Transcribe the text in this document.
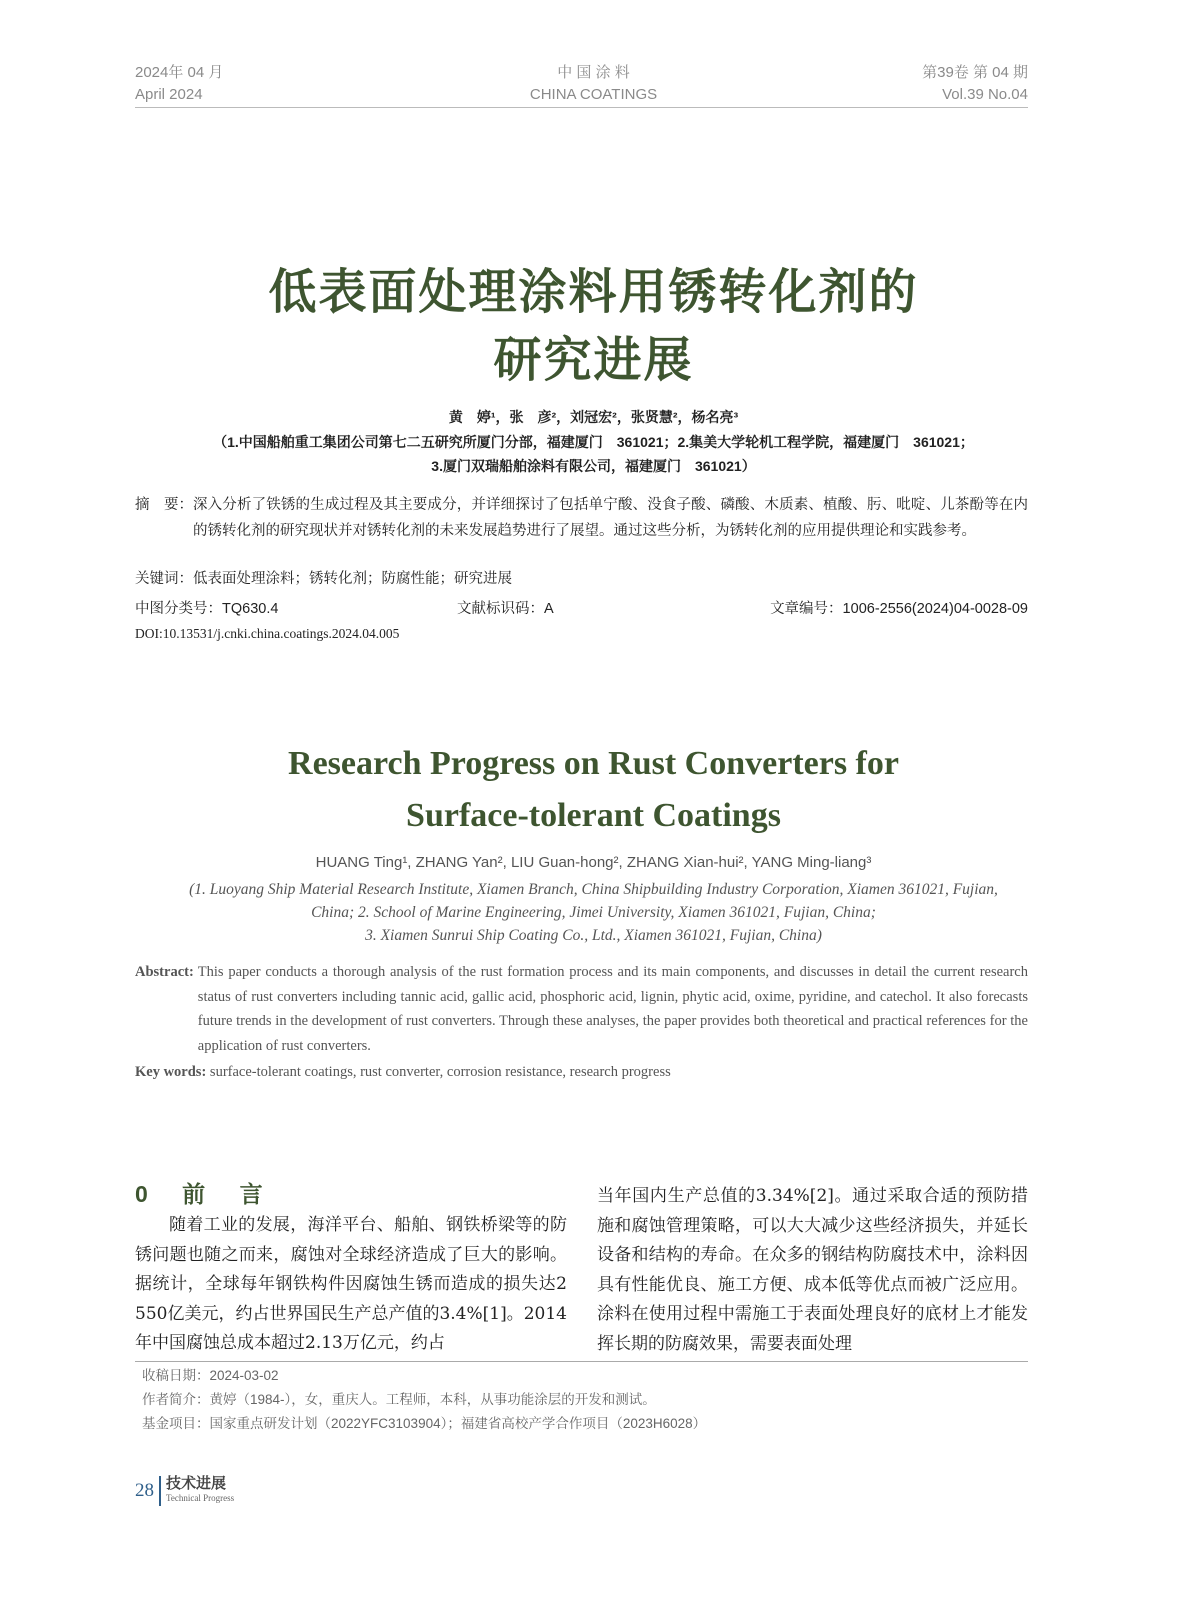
2024年 04 月
April 2024
中 国 涂 料
CHINA COATINGS
第39卷 第 04 期
Vol.39 No.04
低表面处理涂料用锈转化剂的
研究进展
黄　婷¹，张　彦²，刘冠宏²，张贤慧²，杨名亮³
（1.中国船舶重工集团公司第七二五研究所厦门分部，福建厦门　361021；2.集美大学轮机工程学院，福建厦门　361021；
3.厦门双瑞船舶涂料有限公司，福建厦门　361021）
摘　要： 深入分析了铁锈的生成过程及其主要成分，并详细探讨了包括单宁酸、没食子酸、磷酸、木质素、植酸、肟、吡啶、儿茶酚等在内的锈转化剂的研究现状并对锈转化剂的未来发展趋势进行了展望。通过这些分析，为锈转化剂的应用提供理论和实践参考。
关键词：低表面处理涂料；锈转化剂；防腐性能；研究进展
中图分类号：TQ630.4	文献标识码：A	文章编号：1006-2556(2024)04-0028-09
DOI:10.13531/j.cnki.china.coatings.2024.04.005
Research Progress on Rust Converters for
Surface-tolerant Coatings
HUANG Ting¹, ZHANG Yan², LIU Guan-hong², ZHANG Xian-hui², YANG Ming-liang³
(1. Luoyang Ship Material Research Institute, Xiamen Branch, China Shipbuilding Industry Corporation, Xiamen 361021, Fujian,
China; 2. School of Marine Engineering, Jimei University, Xiamen 361021, Fujian, China;
3. Xiamen Sunrui Ship Coating Co., Ltd., Xiamen 361021, Fujian, China)
Abstract: This paper conducts a thorough analysis of the rust formation process and its main components, and discusses in detail the current research status of rust converters including tannic acid, gallic acid, phosphoric acid, lignin, phytic acid, oxime, pyridine, and catechol. It also forecasts future trends in the development of rust converters. Through these analyses, the paper provides both theoretical and practical references for the application of rust converters.
Key words: surface-tolerant coatings, rust converter, corrosion resistance, research progress
0 前 言
随着工业的发展，海洋平台、船舶、钢铁桥梁等的防锈问题也随之而来，腐蚀对全球经济造成了巨大的影响。据统计，全球每年钢铁构件因腐蚀生锈而造成的损失达2 550亿美元，约占世界国民生产总产值的3.4%[1]。2014年中国腐蚀总成本超过2.13万亿元，约占
当年国内生产总值的3.34%[2]。通过采取合适的预防措施和腐蚀管理策略，可以大大减少这些经济损失，并延长设备和结构的寿命。在众多的钢结构防腐技术中，涂料因具有性能优良、施工方便、成本低等优点而被广泛应用。涂料在使用过程中需施工于表面处理良好的底材上才能发挥长期的防腐效果，需要表面处理
收稿日期：2024-03-02
作者简介：黄婷（1984-），女，重庆人。工程师，本科，从事功能涂层的开发和测试。
基金项目：国家重点研发计划（2022YFC3103904）；福建省高校产学合作项目（2023H6028）
28 技术进展
Technical Progress
